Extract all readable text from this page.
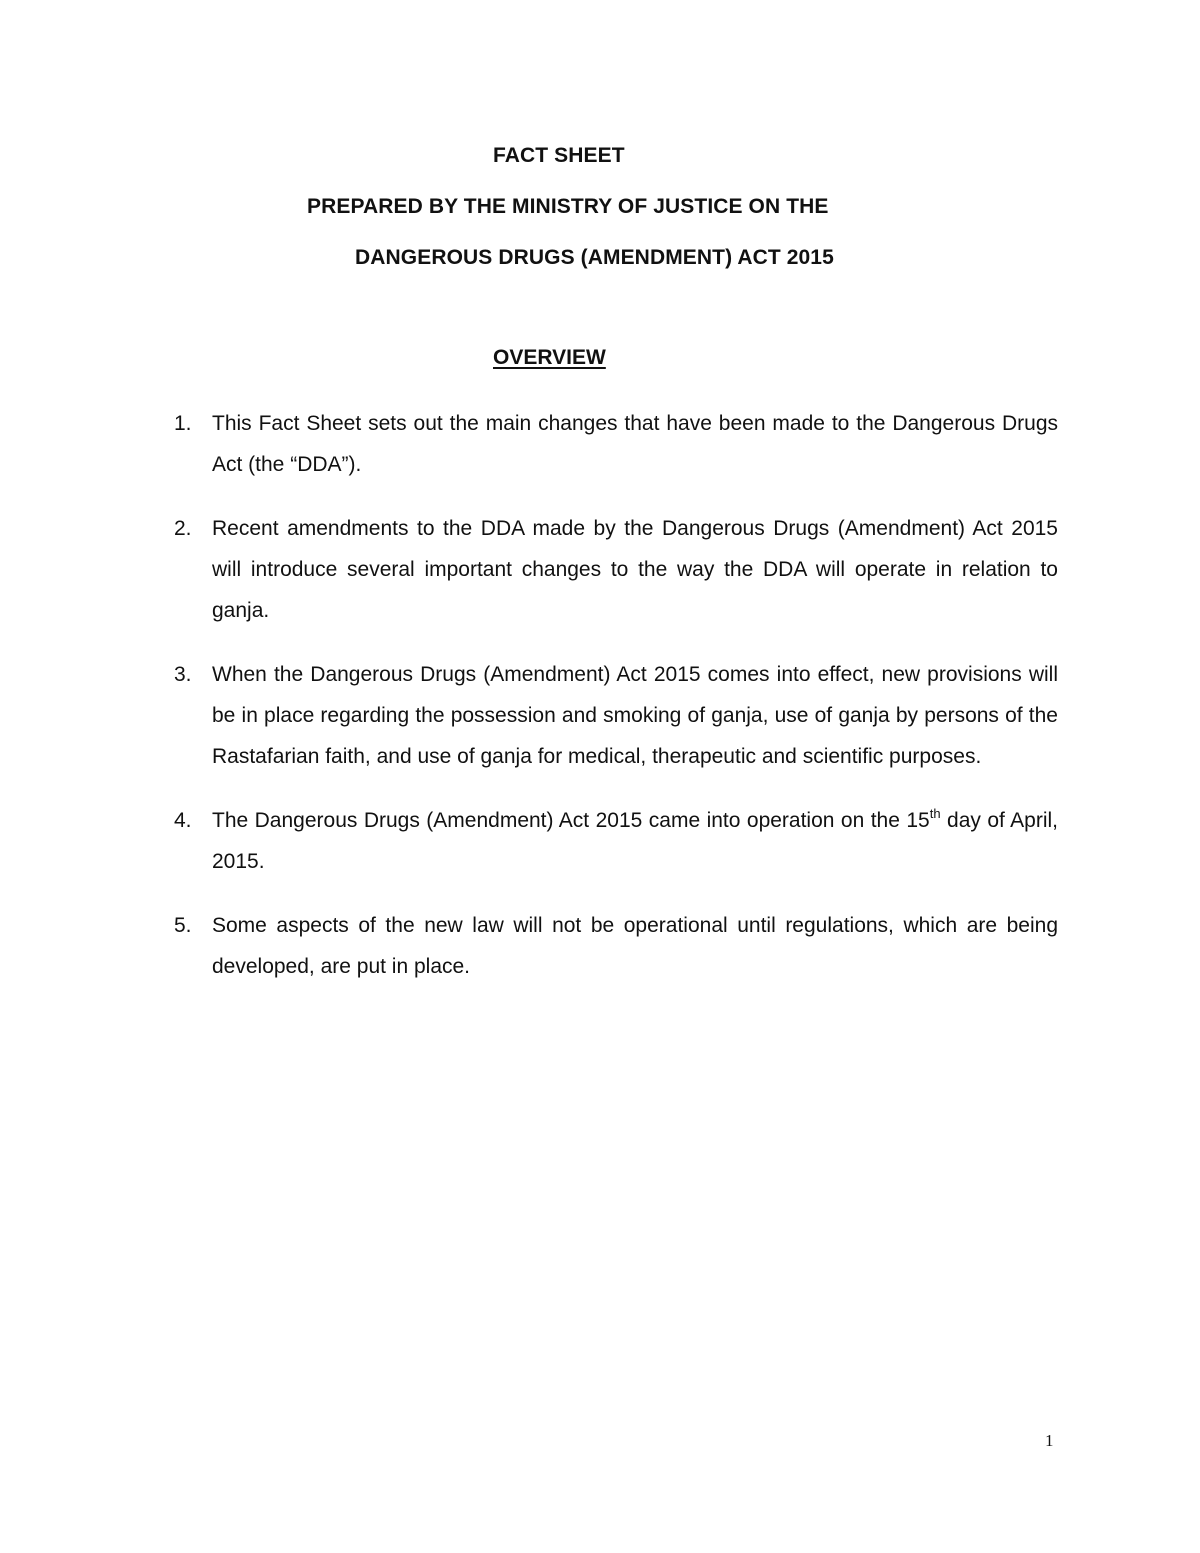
FACT SHEET
PREPARED BY THE MINISTRY OF JUSTICE ON THE
DANGEROUS DRUGS (AMENDMENT) ACT 2015
OVERVIEW
1. This Fact Sheet sets out the main changes that have been made to the Dangerous Drugs Act (the “DDA”).
2. Recent amendments to the DDA made by the Dangerous Drugs (Amendment) Act 2015 will introduce several important changes to the way the DDA will operate in relation to ganja.
3. When the Dangerous Drugs (Amendment) Act 2015 comes into effect, new provisions will be in place regarding the possession and smoking of ganja, use of ganja by persons of the Rastafarian faith, and use of ganja for medical, therapeutic and scientific purposes.
4. The Dangerous Drugs (Amendment) Act 2015 came into operation on the 15th day of April, 2015.
5. Some aspects of the new law will not be operational until regulations, which are being developed, are put in place.
1
